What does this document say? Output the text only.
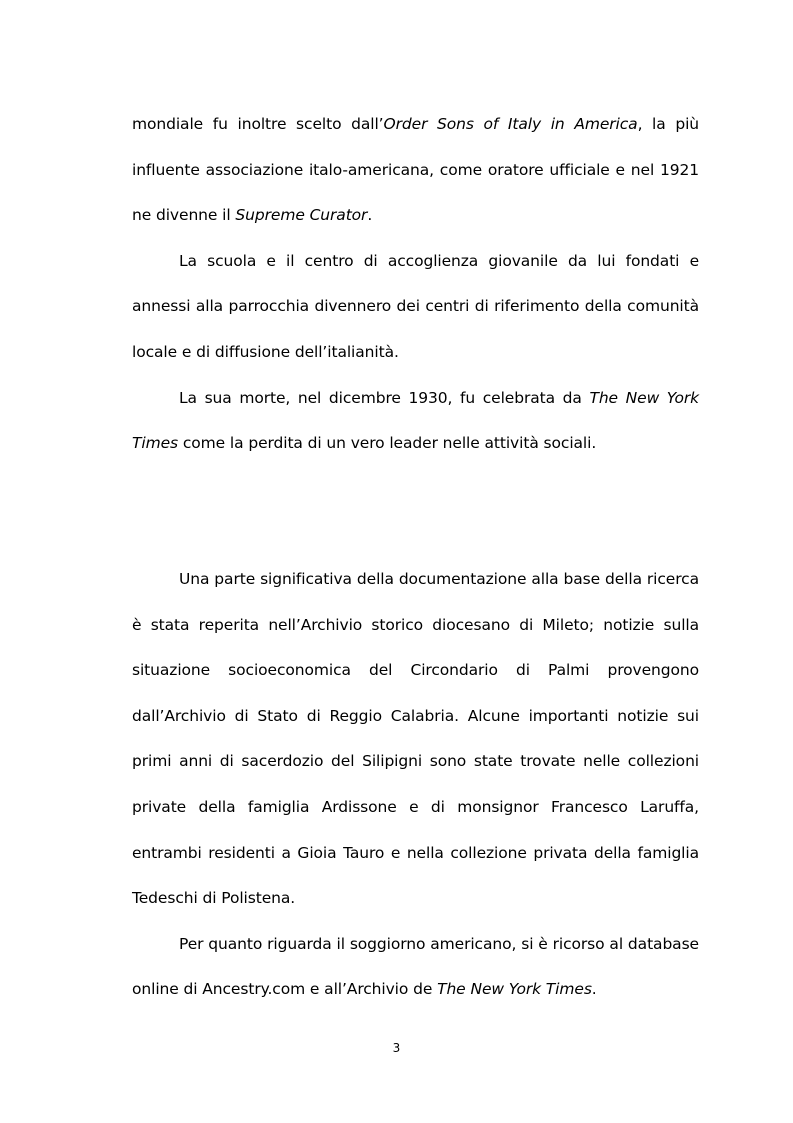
mondiale fu inoltre scelto dall’Order Sons of Italy in America, la più influente associazione italo-americana, come oratore ufficiale e nel 1921 ne divenne il Supreme Curator.

La scuola e il centro di accoglienza giovanile da lui fondati e annessi alla parrocchia divennero dei centri di riferimento della comunità locale e di diffusione dell’italianità.

La sua morte, nel dicembre 1930, fu celebrata da The New York Times come la perdita di un vero leader nelle attività sociali.

Una parte significativa della documentazione alla base della ricerca è stata reperita nell’Archivio storico diocesano di Mileto; notizie sulla situazione socioeconomica del Circondario di Palmi provengono dall’Archivio di Stato di Reggio Calabria. Alcune importanti notizie sui primi anni di sacerdozio del Silipigni sono state trovate nelle collezioni private della famiglia Ardissone e di monsignor Francesco Laruffa, entrambi residenti a Gioia Tauro e nella collezione privata della famiglia Tedeschi di Polistena.

Per quanto riguarda il soggiorno americano, si è ricorso al database online di Ancestry.com e all’Archivio de The New York Times.

3
